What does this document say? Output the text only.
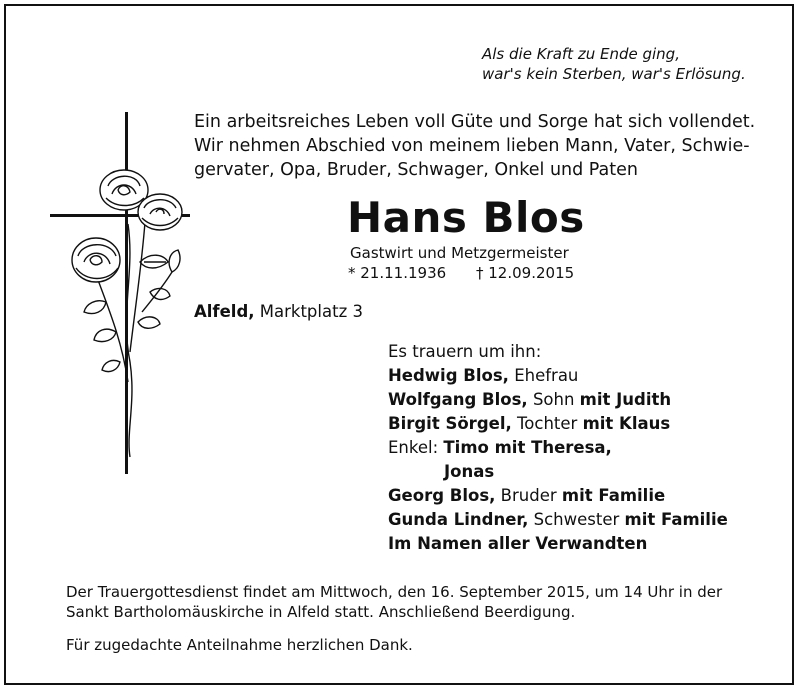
Als die Kraft zu Ende ging,
war's kein Sterben, war's Erlösung.
Ein arbeitsreiches Leben voll Güte und Sorge hat sich vollendet.
Wir nehmen Abschied von meinem lieben Mann, Vater, Schwie-
gervater, Opa, Bruder, Schwager, Onkel und Paten
Hans Blos
Gastwirt und Metzgermeister
* 21.11.1936 † 12.09.2015
Alfeld, Marktplatz 3
Es trauern um ihn:
Hedwig Blos, Ehefrau
Wolfgang Blos, Sohn mit Judith
Birgit Sörgel, Tochter mit Klaus
Enkel: Timo mit Theresa,
Jonas
Georg Blos, Bruder mit Familie
Gunda Lindner, Schwester mit Familie
Im Namen aller Verwandten
Der Trauergottesdienst findet am Mittwoch, den 16. September 2015, um 14 Uhr in der
Sankt Bartholomäuskirche in Alfeld statt. Anschließend Beerdigung.
Für zugedachte Anteilnahme herzlichen Dank.
